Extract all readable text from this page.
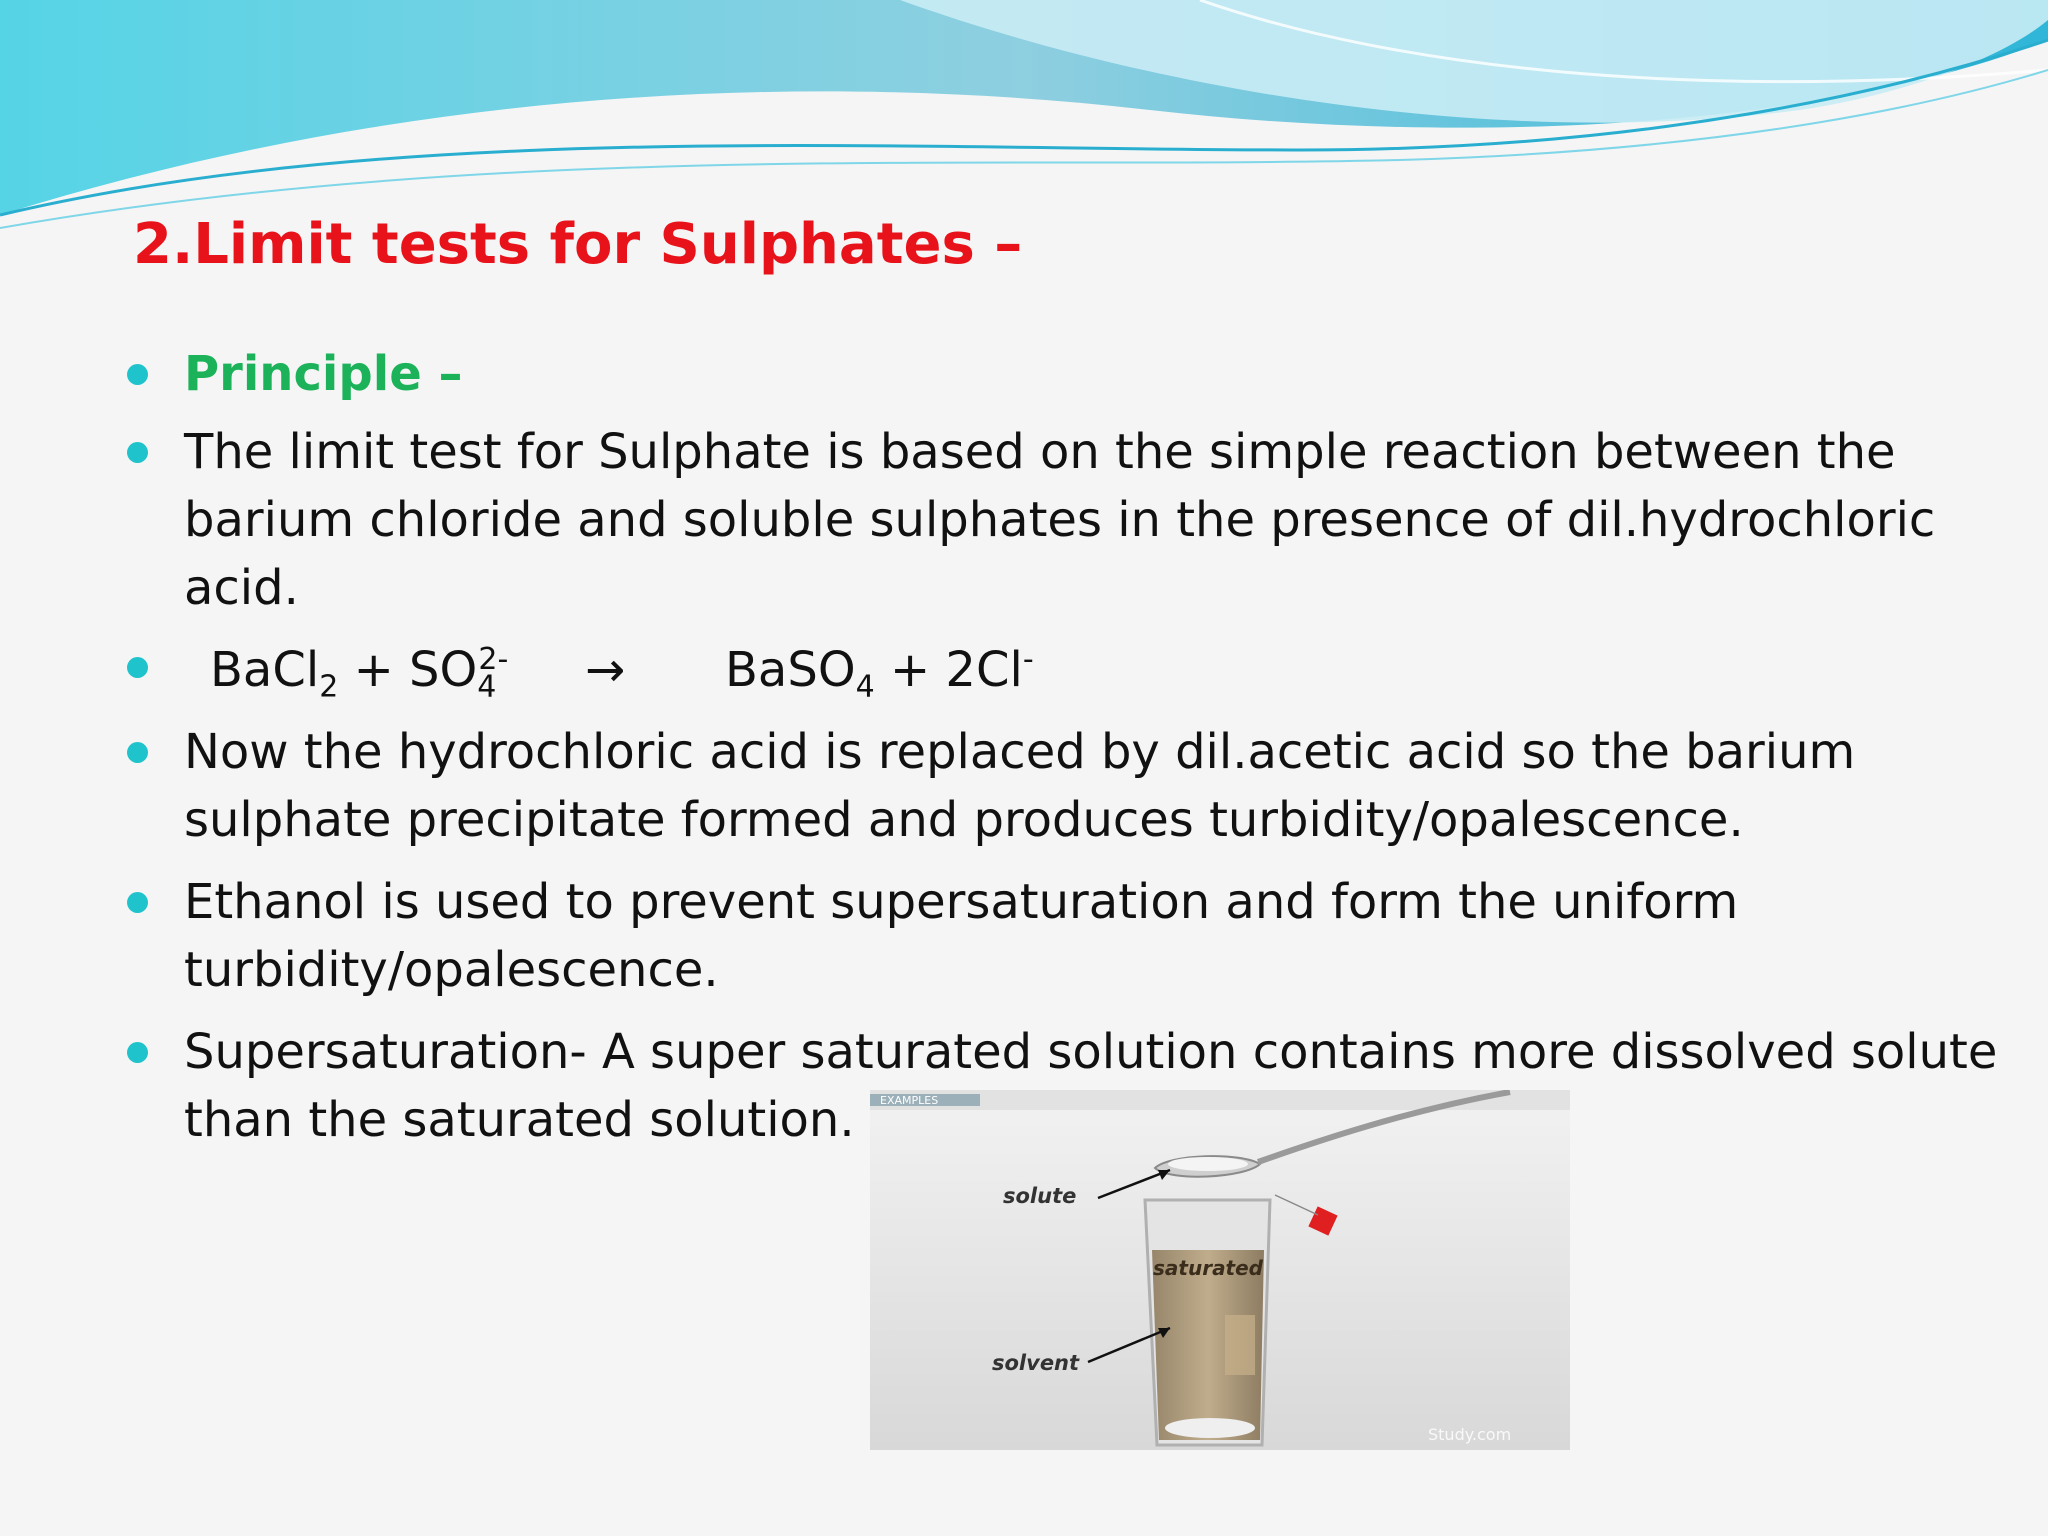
2.Limit tests for Sulphates –
Principle –
The limit test for Sulphate is based on the simple reaction between the barium chloride and soluble sulphates in the presence of dil.hydrochloric acid.
BaCl$_2$ + $SO_4^{2-}$ → BaSO$_4$ + 2Cl-
Now the hydrochloric acid is replaced by dil.acetic acid so the barium sulphate precipitate formed and produces turbidity/opalescence.
Ethanol is used to prevent supersaturation and form the uniform turbidity/opalescence.
Supersaturation- A super saturated solution contains more dissolved solute
than the saturated solution.	EXAMPLES
solute
saturated
solvent
Study.com
